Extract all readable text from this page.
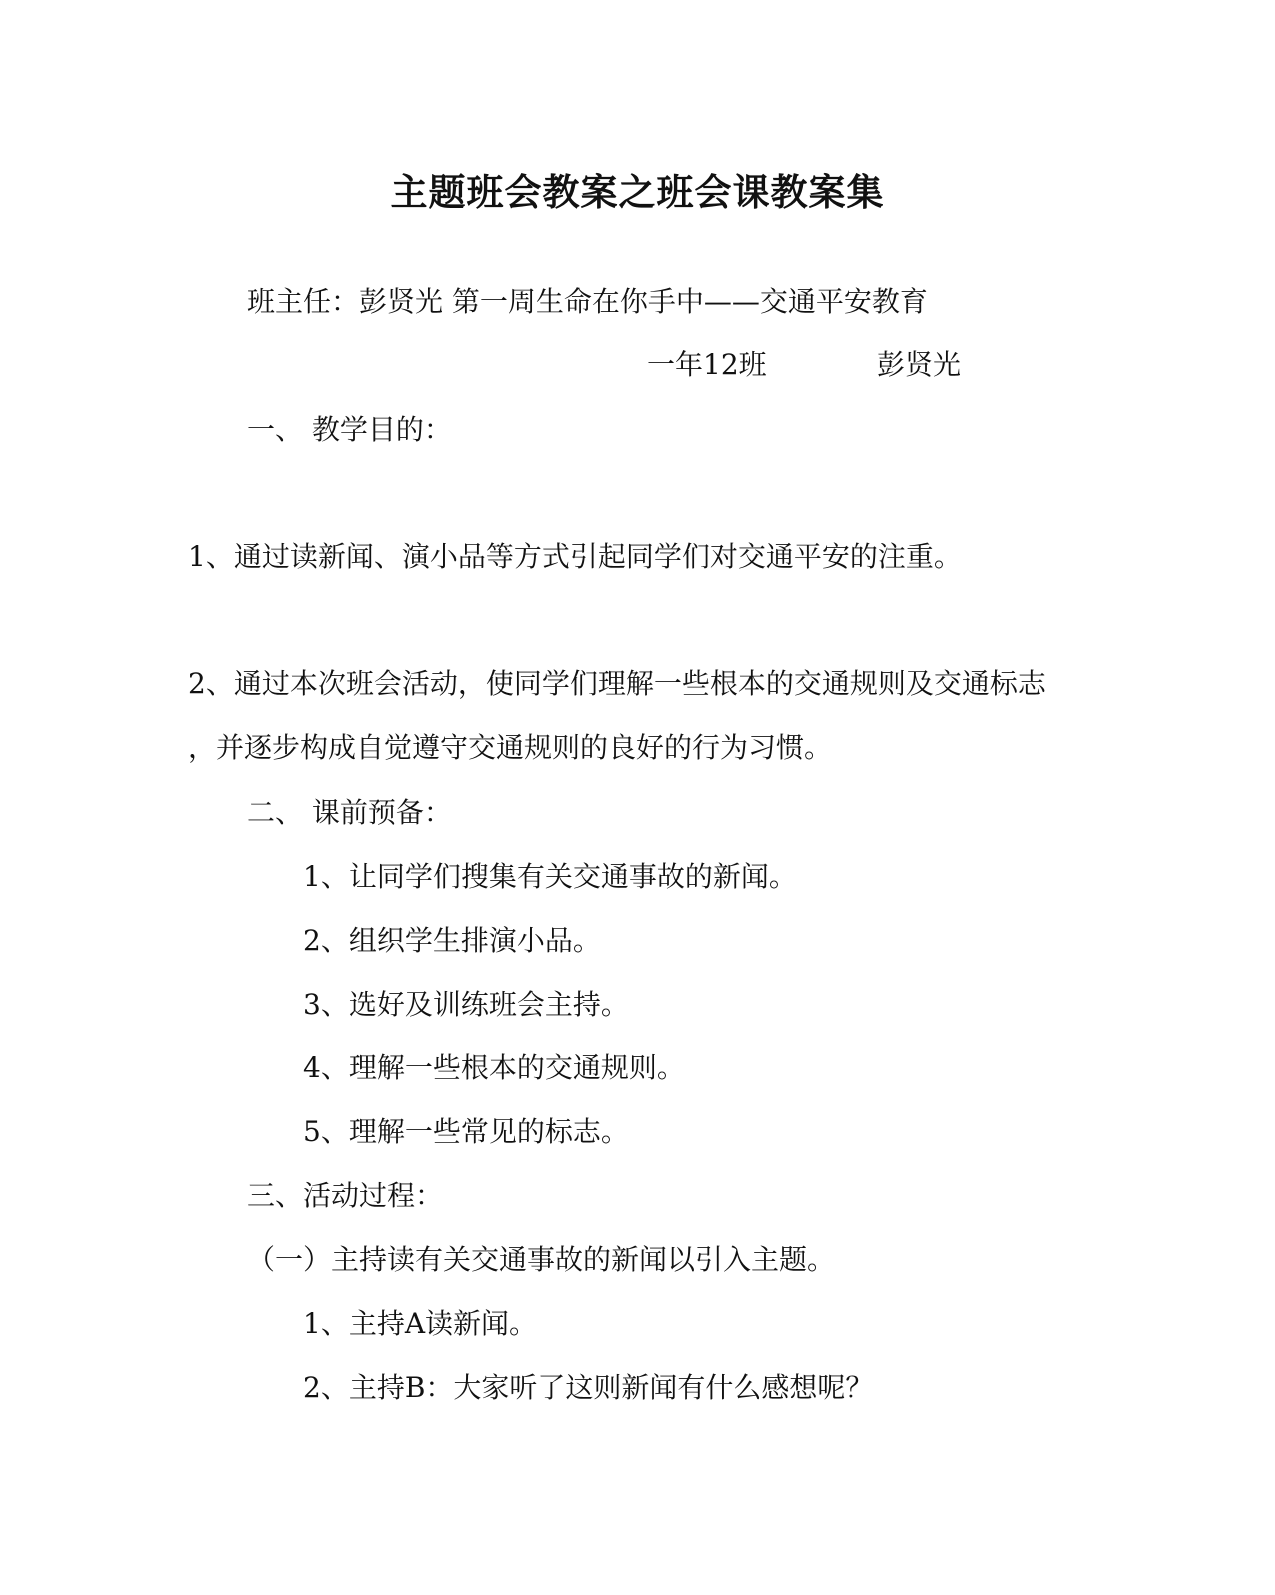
主题班会教案之班会课教案集
班主任：彭贤光 第一周生命在你手中——交通平安教育
一年12班	彭贤光
一、 教学目的：
1、通过读新闻、演小品等方式引起同学们对交通平安的注重。
2、通过本次班会活动，使同学们理解一些根本的交通规则及交通标志
，并逐步构成自觉遵守交通规则的良好的行为习惯。
二、 课前预备：
1、让同学们搜集有关交通事故的新闻。
2、组织学生排演小品。
3、选好及训练班会主持。
4、理解一些根本的交通规则。
5、理解一些常见的标志。
三、活动过程：
（一）主持读有关交通事故的新闻以引入主题。
1、主持A读新闻。
2、主持B：大家听了这则新闻有什么感想呢？
